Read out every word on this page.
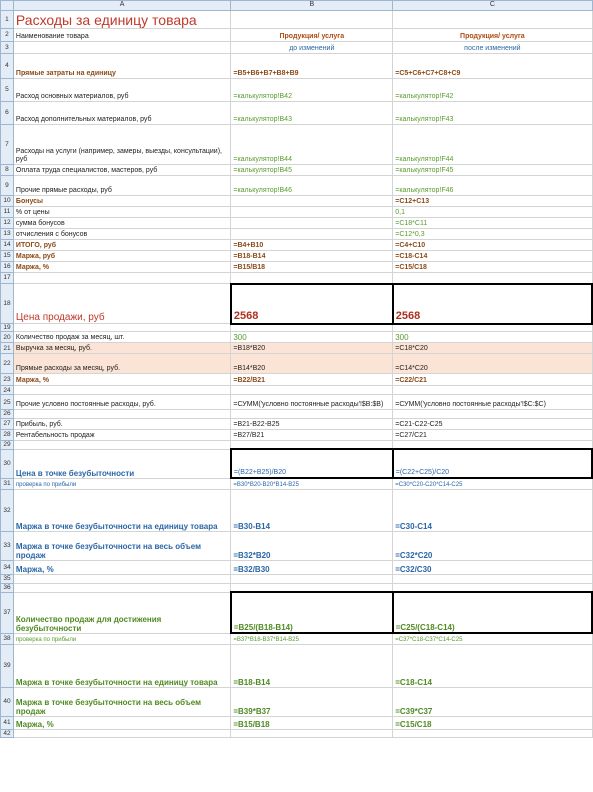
	A	B	C
1	Расходы за единицу товара		
2	Наименование товара	Продукция/ услуга	Продукция/ услуга
3		до изменений	после изменений
4	Прямые затраты на единицу	=B5+B6+B7+B8+B9	=C5+C6+C7+C8+C9
5	Расход основных материалов, руб	=калькулятор!B42	=калькулятор!F42
6	Расход дополнительных материалов, руб	=калькулятор!B43	=калькулятор!F43
7	Расходы на услуги (например, замеры, выезды, консультации), руб	=калькулятор!B44	=калькулятор!F44
8	Оплата труда специалистов, мастеров, руб	=калькулятор!B45	=калькулятор!F45
9	Прочие прямые расходы, руб	=калькулятор!B46	=калькулятор!F46
10	Бонусы		=C12+C13
11	% от цены		0,1
12	сумма бонусов		=C18*C11
13	отчисления с бонусов		=C12*0,3
14	ИТОГО, руб	=B4+B10	=C4+C10
15	Маржа, руб	=B18-B14	=C18-C14
16	Маржа, %	=B15/B18	=C15/C18
17			
18	Цена продажи, руб	2568	2568
19			
20	Количество продаж за месяц, шт.	300	300
21	Выручка за месяц, руб.	=B18*B20	=C18*C20
22	Прямые расходы за месяц, руб.	=B14*B20	=C14*C20
23	Маржа, %	=B22/B21	=C22/C21
24			
25	Прочие условно постоянные расходы, руб.	=СУММ('условно постоянные расходы'!$B:$B)	=СУММ('условно постоянные расходы'!$C:$C)
26			
27	Прибыль, руб.	=B21-B22-B25	=C21-C22-C25
28	Рентабельность продаж	=B27/B21	=C27/C21
29			
30	Цена в точке безубыточности	=(B22+B25)/B20	=(C22+C25)/C20
31	проверка по прибыли	=B30*B20-B20*B14-B25	=C30*C20-C20*C14-C25
32	Маржа в точке безубыточности на единицу товара	=B30-B14	=C30-C14
33	Маржа в точке безубыточности на весь объем продаж	=B32*B20	=C32*C20
34	Маржа, %	=B32/B30	=C32/C30
35			
36			
37	Количество продаж для достижения безубыточности	=B25/(B18-B14)	=C25/(C18-C14)
38	проверка по прибыли	=B37*B18-B37*B14-B25	=C37*C18-C37*C14-C25
39	Маржа в точке безубыточности на единицу товара	=B18-B14	=C18-C14
40	Маржа в точке безубыточности на весь объем продаж	=B39*B37	=C39*C37
41	Маржа, %	=B15/B18	=C15/C18
42			
